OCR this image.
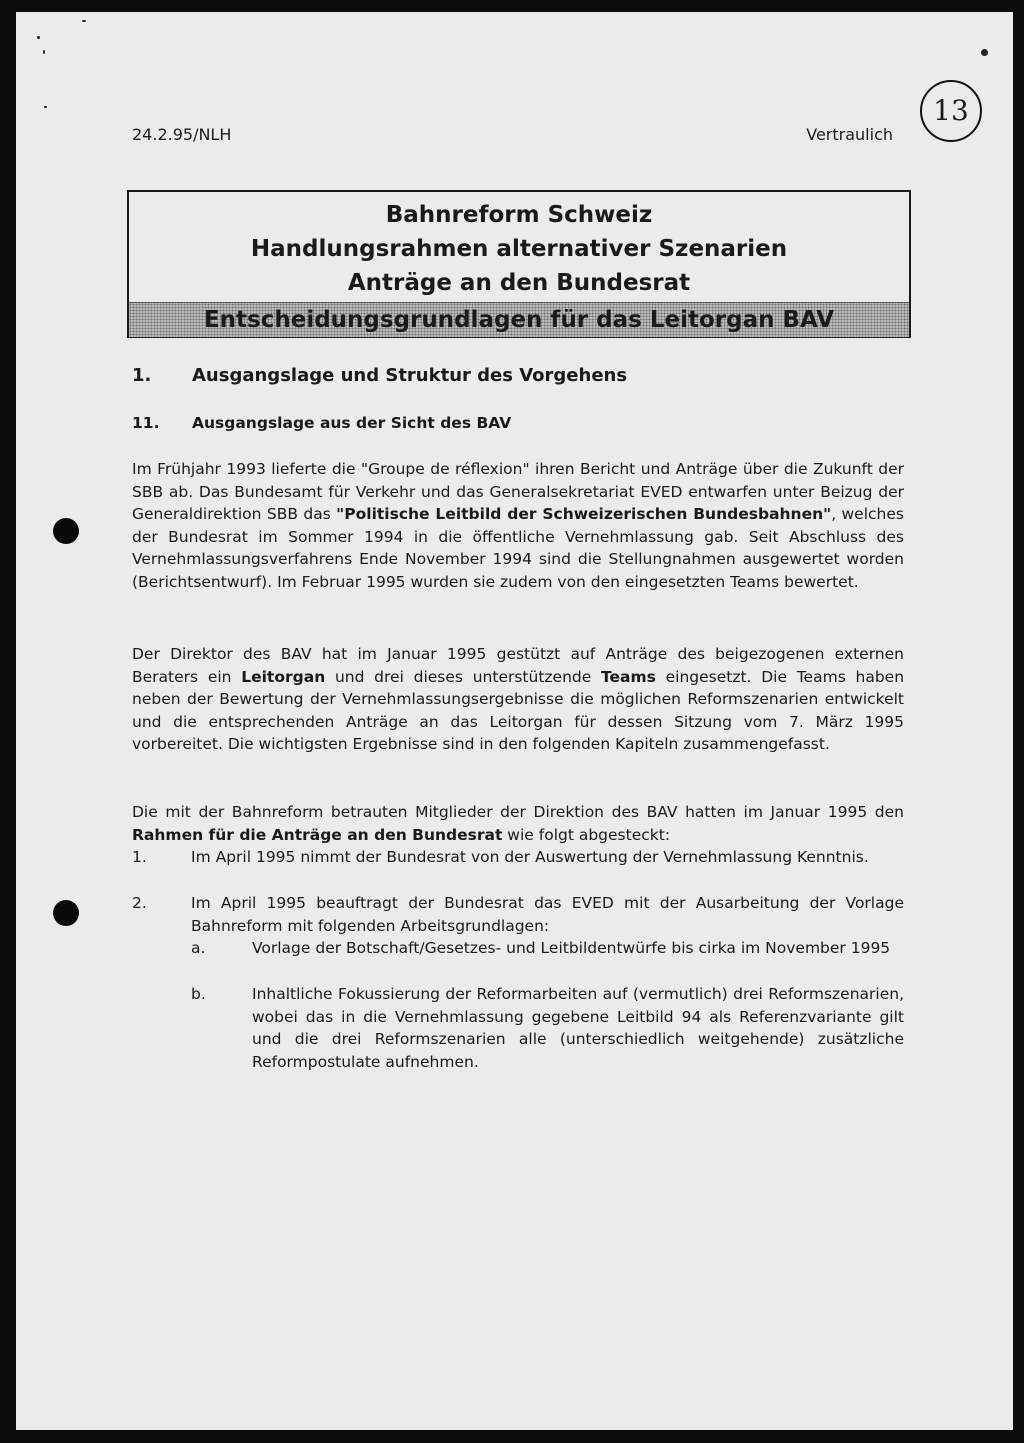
13
24.2.95/NLH	Vertraulich
Bahnreform Schweiz
Handlungsrahmen alternativer Szenarien
Anträge an den Bundesrat
Entscheidungsgrundlagen für das Leitorgan BAV
1. Ausgangslage und Struktur des Vorgehens
11. Ausgangslage aus der Sicht des BAV

Im Frühjahr 1993 lieferte die "Groupe de réflexion" ihren Bericht und Anträge über die Zukunft der SBB ab. Das Bundesamt für Verkehr und das Generalsekretariat EVED entwarfen unter Beizug der Generaldirektion SBB das "Politische Leitbild der Schweizerischen Bundesbahnen", welches der Bundesrat im Sommer 1994 in die öffentliche Vernehmlassung gab. Seit Abschluss des Vernehmlassungsverfahrens Ende November 1994 sind die Stellungnahmen ausgewertet worden (Berichtsentwurf). Im Februar 1995 wurden sie zudem von den eingesetzten Teams bewertet.

Der Direktor des BAV hat im Januar 1995 gestützt auf Anträge des beigezogenen externen Beraters ein Leitorgan und drei dieses unterstützende Teams eingesetzt. Die Teams haben neben der Bewertung der Vernehmlassungsergebnisse die möglichen Reformszenarien entwickelt und die entsprechenden Anträge an das Leitorgan für dessen Sitzung vom 7. März 1995 vorbereitet. Die wichtigsten Ergebnisse sind in den folgenden Kapiteln zusammengefasst.

Die mit der Bahnreform betrauten Mitglieder der Direktion des BAV hatten im Januar 1995 den Rahmen für die Anträge an den Bundesrat wie folgt abgesteckt:

1.	Im April 1995 nimmt der Bundesrat von der Auswertung der Vernehmlassung Kenntnis.
2.	Im April 1995 beauftragt der Bundesrat das EVED mit der Ausarbeitung der Vorlage Bahnreform mit folgenden Arbeitsgrundlagen:
a.	Vorlage der Botschaft/Gesetzes- und Leitbildentwürfe bis cirka im November 1995
b.	Inhaltliche Fokussierung der Reformarbeiten auf (vermutlich) drei Reformszenarien, wobei das in die Vernehmlassung gegebene Leitbild 94 als Referenzvariante gilt und die drei Reformszenarien alle (unterschiedlich weitgehende) zusätzliche Reformpostulate aufnehmen.
